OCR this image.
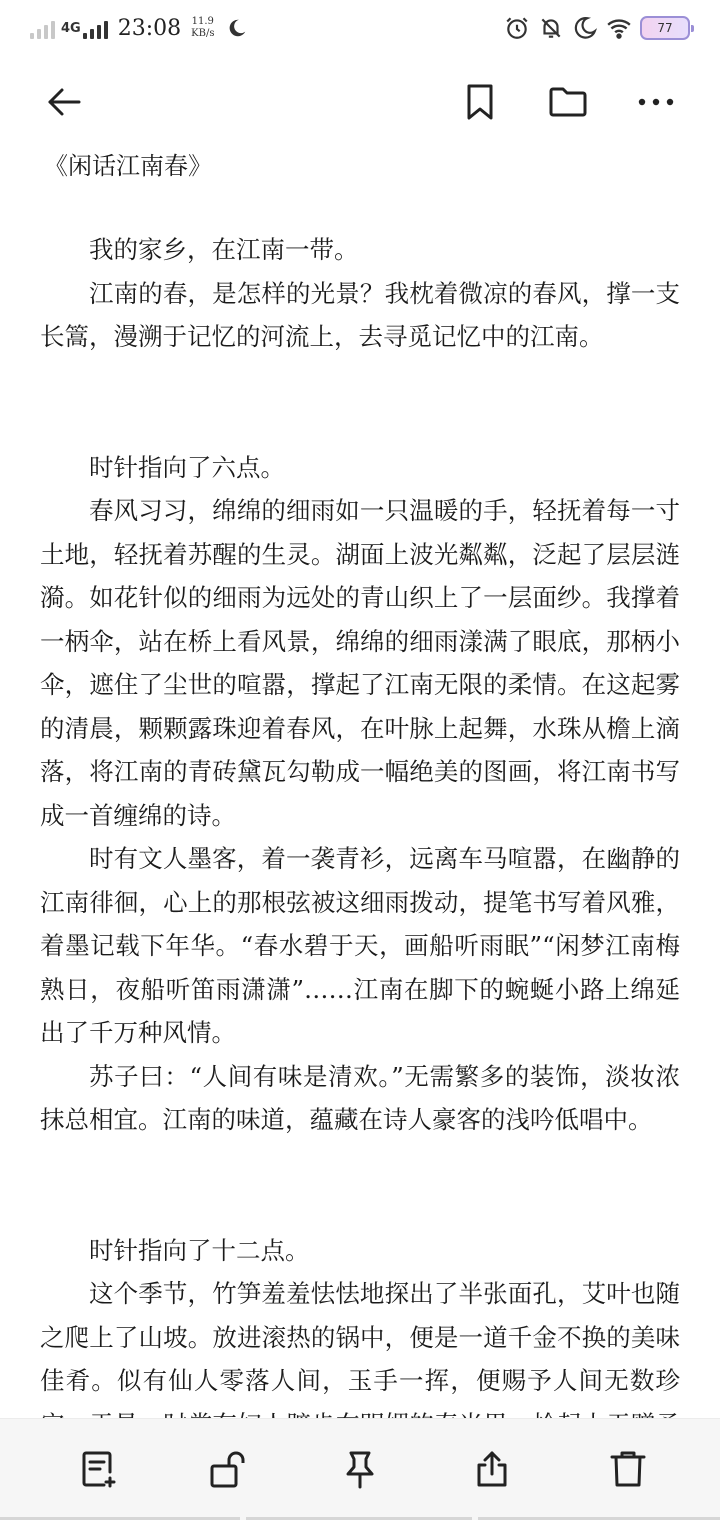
4G 23:08 11.9
KB/s	77
《闲话江南春》

我的家乡，在江南一带。

江南的春，是怎样的光景？我枕着微凉的春风，撑一支长篙，漫溯于记忆的河流上，去寻觅记忆中的江南。

时针指向了六点。

春风习习，绵绵的细雨如一只温暖的手，轻抚着每一寸土地，轻抚着苏醒的生灵。湖面上波光粼粼，泛起了层层涟漪。如花针似的细雨为远处的青山织上了一层面纱。我撑着一柄伞，站在桥上看风景，绵绵的细雨漾满了眼底，那柄小伞，遮住了尘世的喧嚣，撑起了江南无限的柔情。在这起雾的清晨，颗颗露珠迎着春风，在叶脉上起舞，水珠从檐上滴落，将江南的青砖黛瓦勾勒成一幅绝美的图画，将江南书写成一首缠绵的诗。

时有文人墨客，着一袭青衫，远离车马喧嚣，在幽静的江南徘徊，心上的那根弦被这细雨拨动，提笔书写着风雅，着墨记载下年华。“春水碧于天，画船听雨眠”“闲梦江南梅熟日，夜船听笛雨潇潇”……江南在脚下的蜿蜒小路上绵延出了千万种风情。

苏子曰：“人间有味是清欢。”无需繁多的装饰，淡妆浓抹总相宜。江南的味道，蕴藏在诗人豪客的浅吟低唱中。

时针指向了十二点。

这个季节，竹笋羞羞怯怯地探出了半张面孔，艾叶也随之爬上了山坡。放进滚热的锅中，便是一道千金不换的美味佳肴。似有仙人零落人间，玉手一挥，便赐予人间无数珍
